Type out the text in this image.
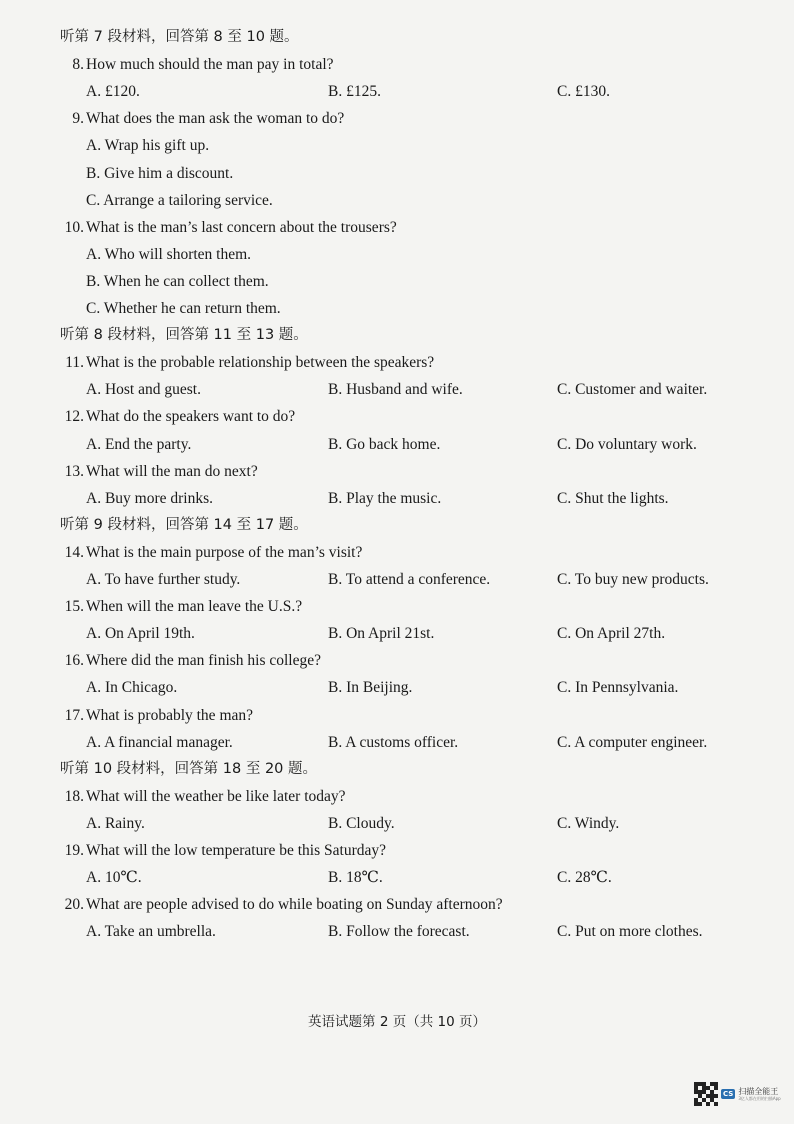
听第 7 段材料，回答第 8 至 10 题。
8. How much should the man pay in total?
A. £120.	B. £125.	C. £130.
9. What does the man ask the woman to do?
A. Wrap his gift up.
B. Give him a discount.
C. Arrange a tailoring service.
10. What is the man’s last concern about the trousers?
A. Who will shorten them.
B. When he can collect them.
C. Whether he can return them.
听第 8 段材料，回答第 11 至 13 题。
11. What is the probable relationship between the speakers?
A. Host and guest.	B. Husband and wife.	C. Customer and waiter.
12. What do the speakers want to do?
A. End the party.	B. Go back home.	C. Do voluntary work.
13. What will the man do next?
A. Buy more drinks.	B. Play the music.	C. Shut the lights.
听第 9 段材料，回答第 14 至 17 题。
14. What is the main purpose of the man’s visit?
A. To have further study.	B. To attend a conference.	C. To buy new products.
15. When will the man leave the U.S.?
A. On April 19th.	B. On April 21st.	C. On April 27th.
16. Where did the man finish his college?
A. In Chicago.	B. In Beijing.	C. In Pennsylvania.
17. What is probably the man?
A. A financial manager.	B. A customs officer.	C. A computer engineer.
听第 10 段材料，回答第 18 至 20 题。
18. What will the weather be like later today?
A. Rainy.	B. Cloudy.	C. Windy.
19. What will the low temperature be this Saturday?
A. 10℃.	B. 18℃.	C. 28℃.
20. What are people advised to do while boating on Sunday afternoon?
A. Take an umbrella.	B. Follow the forecast.	C. Put on more clothes.
英语试题第 2 页（共 10 页）
CS 扫描全能王
3亿人都在用的扫描App
